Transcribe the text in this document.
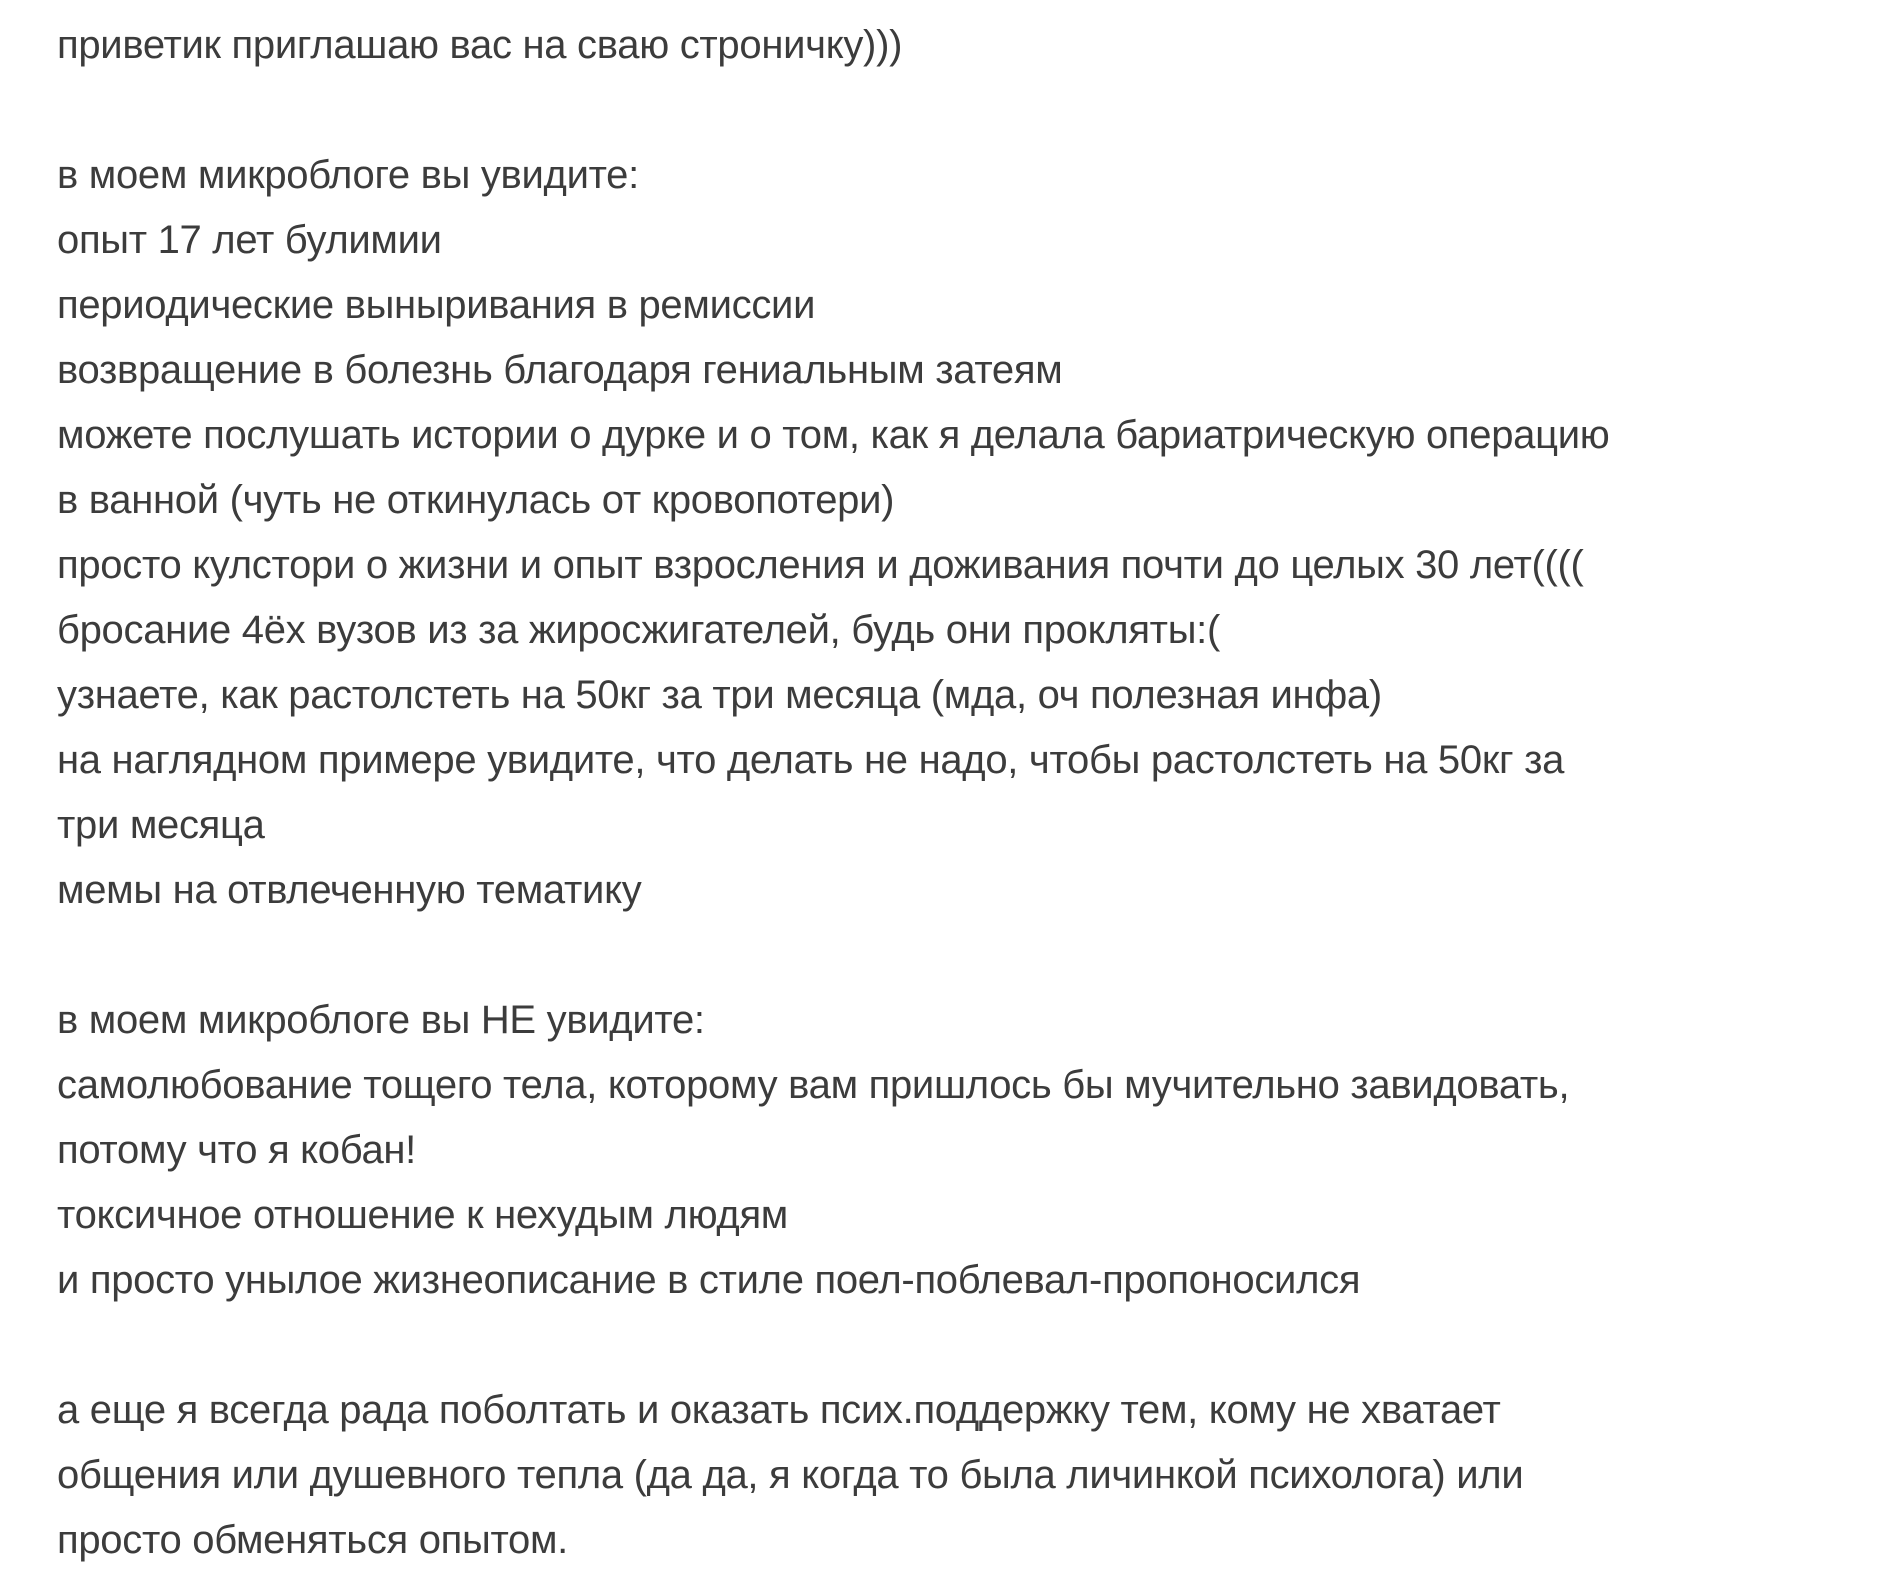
приветик приглашаю вас на сваю строничку)))
в моем микроблоге вы увидите:
опыт 17 лет булимии
периодические выныривания в ремиссии
возвращение в болезнь благодаря гениальным затеям
можете послушать истории о дурке и о том, как я делала бариатрическую операцию
в ванной (чуть не откинулась от кровопотери)
просто кулстори о жизни и опыт взросления и доживания почти до целых 30 лет((((
бросание 4ёх вузов из за жиросжигателей, будь они прокляты:(
узнаете, как растолстеть на 50кг за три месяца (мда, оч полезная инфа)
на наглядном примере увидите, что делать не надо, чтобы растолстеть на 50кг за
три месяца
мемы на отвлеченную тематику
в моем микроблоге вы НЕ увидите:
самолюбование тощего тела, которому вам пришлось бы мучительно завидовать,
потому что я кобан!
токсичное отношение к нехудым людям
и просто унылое жизнеописание в стиле поел-поблевал-пропоносился
а еще я всегда рада поболтать и оказать псих.поддержку тем, кому не хватает
общения или душевного тепла (да да, я когда то была личинкой психолога) или
просто обменяться опытом.
